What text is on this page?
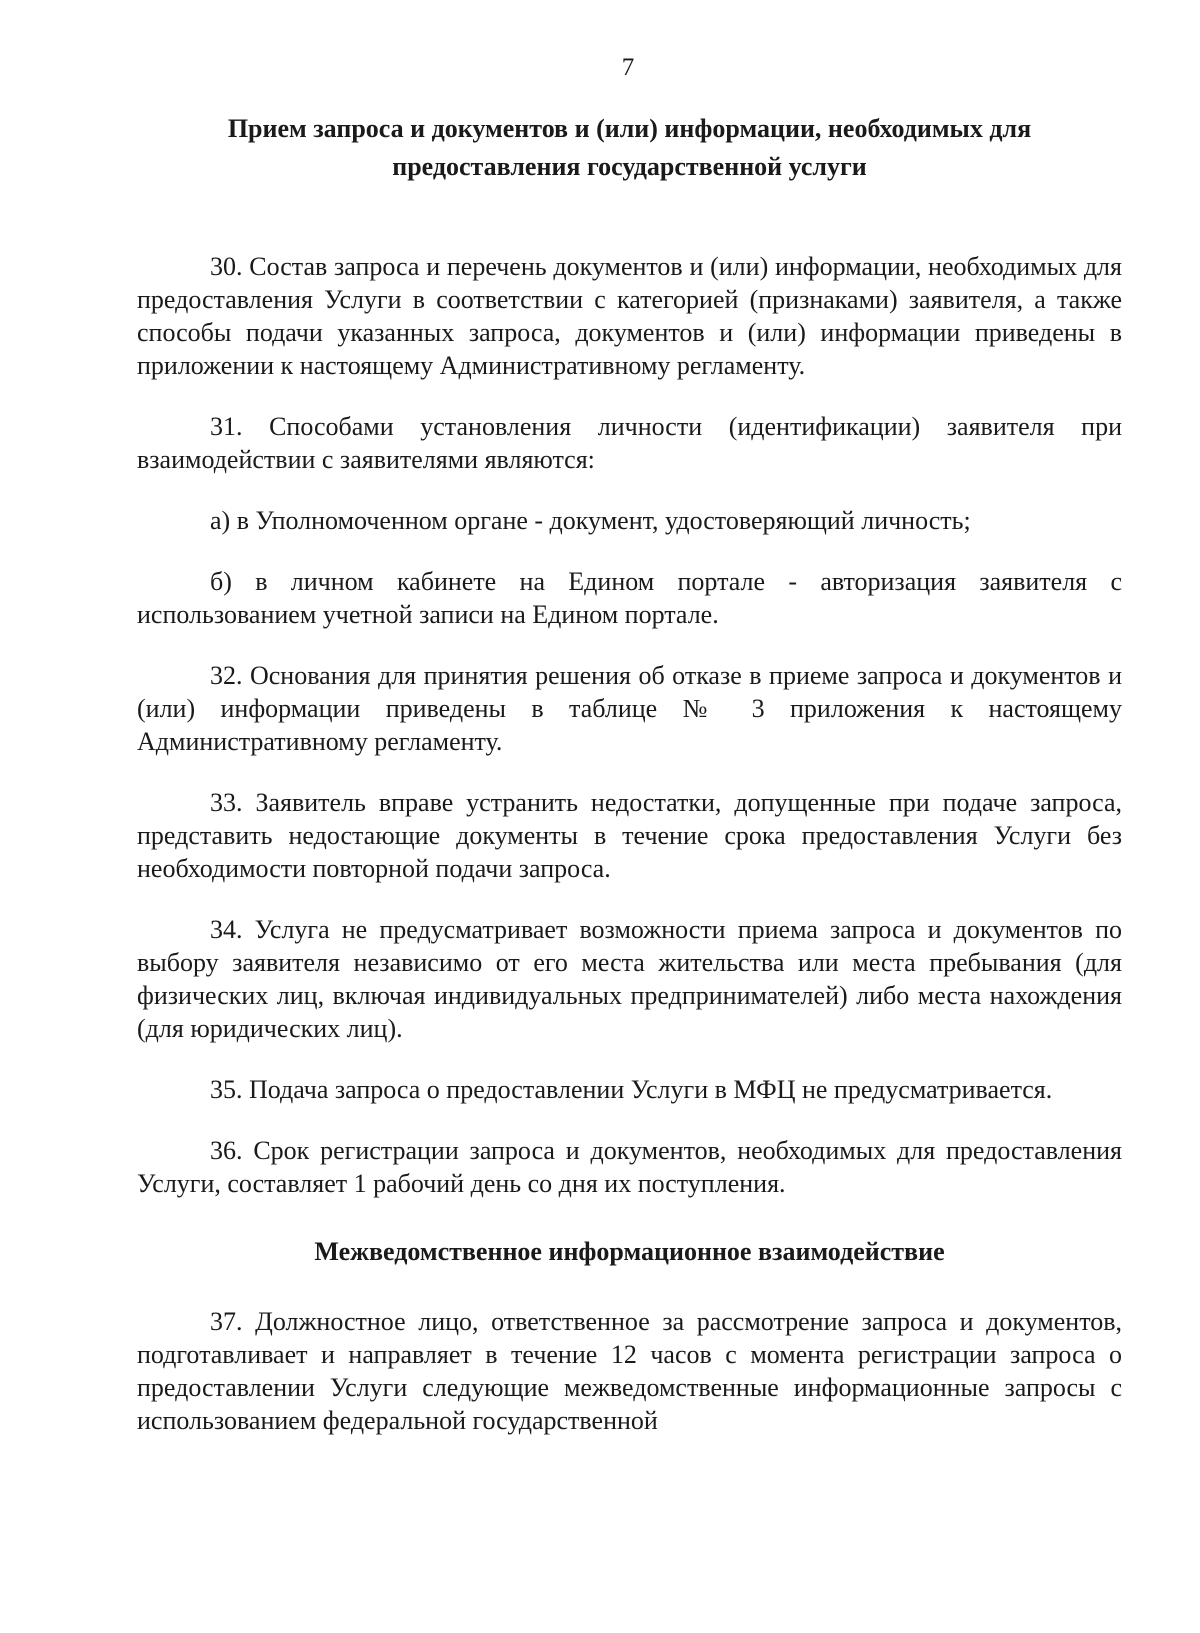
7

Прием запроса и документов и (или) информации, необходимых для предоставления государственной услуги

30. Состав запроса и перечень документов и (или) информации, необходимых для предоставления Услуги в соответствии с категорией (признаками) заявителя, а также способы подачи указанных запроса, документов и (или) информации приведены в приложении к настоящему Административному регламенту.

31. Способами установления личности (идентификации) заявителя при взаимодействии с заявителями являются:

а) в Уполномоченном органе - документ, удостоверяющий личность;

б) в личном кабинете на Едином портале - авторизация заявителя с использованием учетной записи на Едином портале.

32. Основания для принятия решения об отказе в приеме запроса и документов и (или) информации приведены в таблице № 3 приложения к настоящему Административному регламенту.

33. Заявитель вправе устранить недостатки, допущенные при подаче запроса, представить недостающие документы в течение срока предоставления Услуги без необходимости повторной подачи запроса.

34. Услуга не предусматривает возможности приема запроса и документов по выбору заявителя независимо от его места жительства или места пребывания (для физических лиц, включая индивидуальных предпринимателей) либо места нахождения (для юридических лиц).

35. Подача запроса о предоставлении Услуги в МФЦ не предусматривается.

36. Срок регистрации запроса и документов, необходимых для предоставления Услуги, составляет 1 рабочий день со дня их поступления.

Межведомственное информационное взаимодействие

37. Должностное лицо, ответственное за рассмотрение запроса и документов, подготавливает и направляет в течение 12 часов с момента регистрации запроса о предоставлении Услуги следующие межведомственные информационные запросы с использованием федеральной государственной
